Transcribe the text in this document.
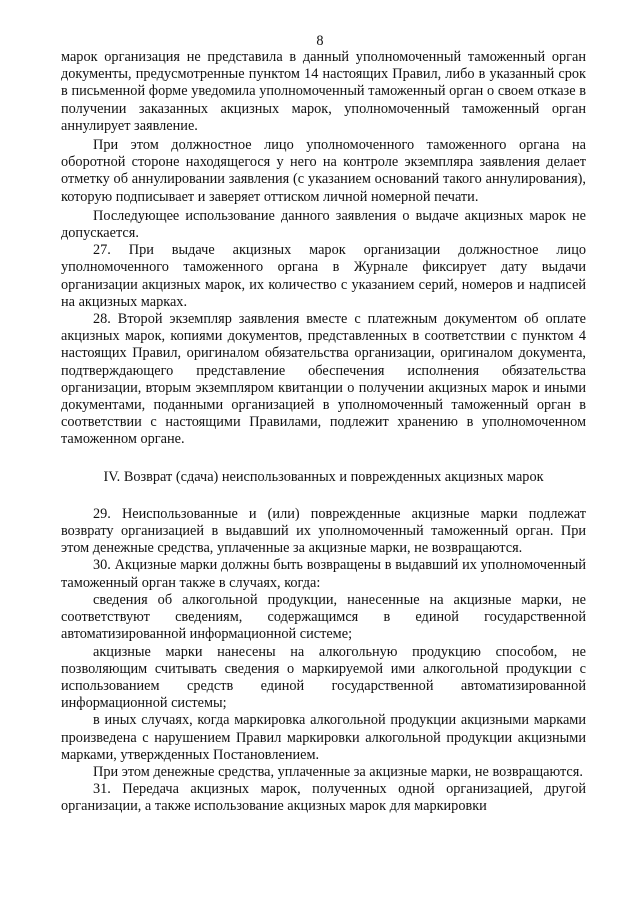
8

марок организация не представила в данный уполномоченный таможенный орган документы, предусмотренные пунктом 14 настоящих Правил, либо в указанный срок в письменной форме уведомила уполномоченный таможенный орган о своем отказе в получении заказанных акцизных марок, уполномоченный таможенный орган аннулирует заявление.

При этом должностное лицо уполномоченного таможенного органа на оборотной стороне находящегося у него на контроле экземпляра заявления делает отметку об аннулировании заявления (с указанием оснований такого аннулирования), которую подписывает и заверяет оттиском личной номерной печати.

Последующее использование данного заявления о выдаче акцизных марок не допускается.

27. При выдаче акцизных марок организации должностное лицо уполномоченного таможенного органа в Журнале фиксирует дату выдачи организации акцизных марок, их количество с указанием серий, номеров и надписей на акцизных марках.

28. Второй экземпляр заявления вместе с платежным документом об оплате акцизных марок, копиями документов, представленных в соответствии с пунктом 4 настоящих Правил, оригиналом обязательства организации, оригиналом документа, подтверждающего представление обеспечения исполнения обязательства организации, вторым экземпляром квитанции о получении акцизных марок и иными документами, поданными организацией в уполномоченный таможенный орган в соответствии с настоящими Правилами, подлежит хранению в уполномоченном таможенном органе.

IV. Возврат (сдача) неиспользованных и поврежденных акцизных марок

29. Неиспользованные и (или) поврежденные акцизные марки подлежат возврату организацией в выдавший их уполномоченный таможенный орган. При этом денежные средства, уплаченные за акцизные марки, не возвращаются.

30. Акцизные марки должны быть возвращены в выдавший их уполномоченный таможенный орган также в случаях, когда:

сведения об алкогольной продукции, нанесенные на акцизные марки, не соответствуют сведениям, содержащимся в единой государственной автоматизированной информационной системе;

акцизные марки нанесены на алкогольную продукцию способом, не позволяющим считывать сведения о маркируемой ими алкогольной продукции с использованием средств единой государственной автоматизированной информационной системы;

в иных случаях, когда маркировка алкогольной продукции акцизными марками произведена с нарушением Правил маркировки алкогольной продукции акцизными марками, утвержденных Постановлением.

При этом денежные средства, уплаченные за акцизные марки, не возвращаются.

31. Передача акцизных марок, полученных одной организацией, другой организации, а также использование акцизных марок для маркировки
